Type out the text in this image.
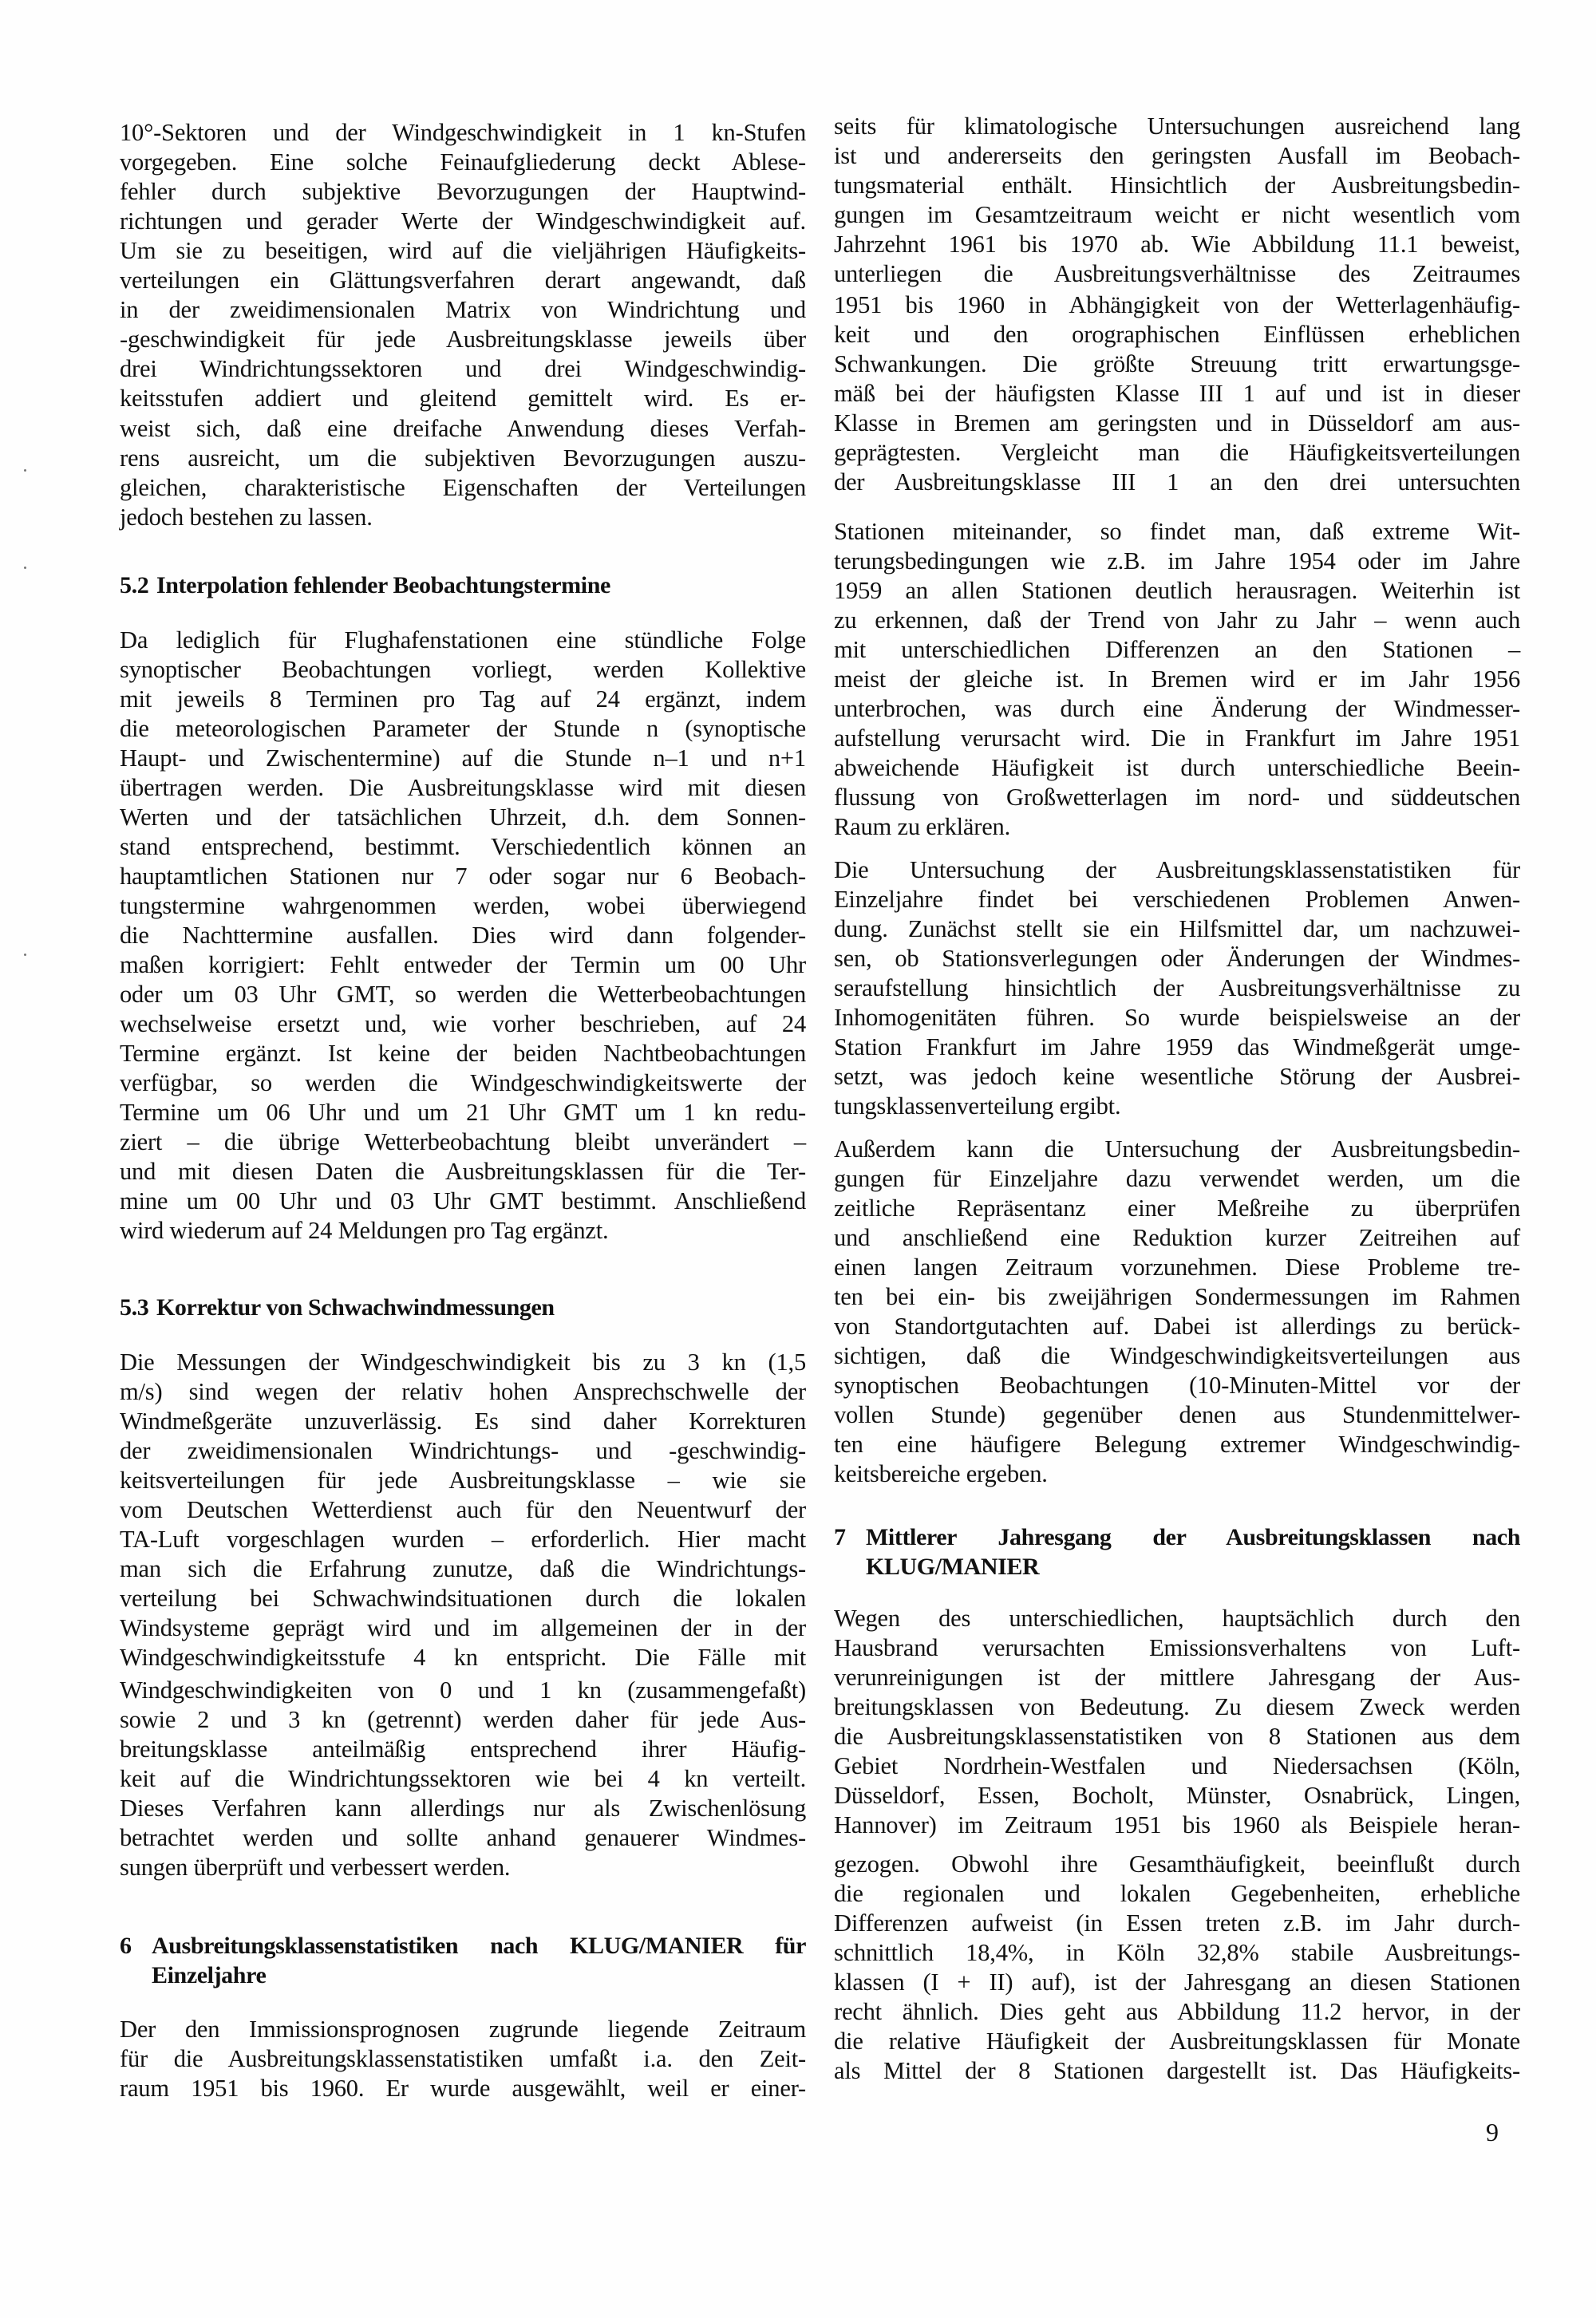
10°-Sektoren und der Windgeschwindigkeit in 1 kn-Stufen
vorgegeben. Eine solche Feinaufgliederung deckt Ablese-
fehler durch subjektive Bevorzugungen der Hauptwind-
richtungen und gerader Werte der Windgeschwindigkeit auf.
Um sie zu beseitigen, wird auf die vieljährigen Häufigkeits-
verteilungen ein Glättungsverfahren derart angewandt, daß
in der zweidimensionalen Matrix von Windrichtung und
-geschwindigkeit für jede Ausbreitungsklasse jeweils über
drei Windrichtungssektoren und drei Windgeschwindig-
keitsstufen addiert und gleitend gemittelt wird. Es er-
weist sich, daß eine dreifache Anwendung dieses Verfah-
rens ausreicht, um die subjektiven Bevorzugungen auszu-
gleichen, charakteristische Eigenschaften der Verteilungen
jedoch bestehen zu lassen.
5.2 Interpolation fehlender Beobachtungstermine
Da lediglich für Flughafenstationen eine stündliche Folge
synoptischer Beobachtungen vorliegt, werden Kollektive
mit jeweils 8 Terminen pro Tag auf 24 ergänzt, indem
die meteorologischen Parameter der Stunde n (synoptische
Haupt- und Zwischentermine) auf die Stunde n–1 und n+1
übertragen werden. Die Ausbreitungsklasse wird mit diesen
Werten und der tatsächlichen Uhrzeit, d.h. dem Sonnen-
stand entsprechend, bestimmt. Verschiedentlich können an
hauptamtlichen Stationen nur 7 oder sogar nur 6 Beobach-
tungstermine wahrgenommen werden, wobei überwiegend
die Nachttermine ausfallen. Dies wird dann folgender-
maßen korrigiert: Fehlt entweder der Termin um 00 Uhr
oder um 03 Uhr GMT, so werden die Wetterbeobachtungen
wechselweise ersetzt und, wie vorher beschrieben, auf 24
Termine ergänzt. Ist keine der beiden Nachtbeobachtungen
verfügbar, so werden die Windgeschwindigkeitswerte der
Termine um 06 Uhr und um 21 Uhr GMT um 1 kn redu-
ziert – die übrige Wetterbeobachtung bleibt unverändert –
und mit diesen Daten die Ausbreitungsklassen für die Ter-
mine um 00 Uhr und 03 Uhr GMT bestimmt. Anschließend
wird wiederum auf 24 Meldungen pro Tag ergänzt.
5.3 Korrektur von Schwachwindmessungen
Die Messungen der Windgeschwindigkeit bis zu 3 kn (1,5
m/s) sind wegen der relativ hohen Ansprechschwelle der
Windmeßgeräte unzuverlässig. Es sind daher Korrekturen
der zweidimensionalen Windrichtungs- und -geschwindig-
keitsverteilungen für jede Ausbreitungsklasse – wie sie
vom Deutschen Wetterdienst auch für den Neuentwurf der
TA-Luft vorgeschlagen wurden – erforderlich. Hier macht
man sich die Erfahrung zunutze, daß die Windrichtungs-
verteilung bei Schwachwindsituationen durch die lokalen
Windsysteme geprägt wird und im allgemeinen der in der
Windgeschwindigkeitsstufe 4 kn entspricht. Die Fälle mit
Windgeschwindigkeiten von 0 und 1 kn (zusammengefaßt)
sowie 2 und 3 kn (getrennt) werden daher für jede Aus-
breitungsklasse anteilmäßig entsprechend ihrer Häufig-
keit auf die Windrichtungssektoren wie bei 4 kn verteilt.
Dieses Verfahren kann allerdings nur als Zwischenlösung
betrachtet werden und sollte anhand genauerer Windmes-
sungen überprüft und verbessert werden.
6 Ausbreitungsklassenstatistiken nach KLUG/MANIER für
Einzeljahre
Der den Immissionsprognosen zugrunde liegende Zeitraum
für die Ausbreitungsklassenstatistiken umfaßt i.a. den Zeit-
raum 1951 bis 1960. Er wurde ausgewählt, weil er einer-
seits für klimatologische Untersuchungen ausreichend lang
ist und andererseits den geringsten Ausfall im Beobach-
tungsmaterial enthält. Hinsichtlich der Ausbreitungsbedin-
gungen im Gesamtzeitraum weicht er nicht wesentlich vom
Jahrzehnt 1961 bis 1970 ab. Wie Abbildung 11.1 beweist,
unterliegen die Ausbreitungsverhältnisse des Zeitraumes
1951 bis 1960 in Abhängigkeit von der Wetterlagenhäufig-
keit und den orographischen Einflüssen erheblichen
Schwankungen. Die größte Streuung tritt erwartungsge-
mäß bei der häufigsten Klasse III 1 auf und ist in dieser
Klasse in Bremen am geringsten und in Düsseldorf am aus-
geprägtesten. Vergleicht man die Häufigkeitsverteilungen
der Ausbreitungsklasse III 1 an den drei untersuchten
Stationen miteinander, so findet man, daß extreme Wit-
terungsbedingungen wie z.B. im Jahre 1954 oder im Jahre
1959 an allen Stationen deutlich herausragen. Weiterhin ist
zu erkennen, daß der Trend von Jahr zu Jahr – wenn auch
mit unterschiedlichen Differenzen an den Stationen –
meist der gleiche ist. In Bremen wird er im Jahr 1956
unterbrochen, was durch eine Änderung der Windmesser-
aufstellung verursacht wird. Die in Frankfurt im Jahre 1951
abweichende Häufigkeit ist durch unterschiedliche Beein-
flussung von Großwetterlagen im nord- und süddeutschen
Raum zu erklären.
Die Untersuchung der Ausbreitungsklassenstatistiken für
Einzeljahre findet bei verschiedenen Problemen Anwen-
dung. Zunächst stellt sie ein Hilfsmittel dar, um nachzuwei-
sen, ob Stationsverlegungen oder Änderungen der Windmes-
seraufstellung hinsichtlich der Ausbreitungsverhältnisse zu
Inhomogenitäten führen. So wurde beispielsweise an der
Station Frankfurt im Jahre 1959 das Windmeßgerät umge-
setzt, was jedoch keine wesentliche Störung der Ausbrei-
tungsklassenverteilung ergibt.
Außerdem kann die Untersuchung der Ausbreitungsbedin-
gungen für Einzeljahre dazu verwendet werden, um die
zeitliche Repräsentanz einer Meßreihe zu überprüfen
und anschließend eine Reduktion kurzer Zeitreihen auf
einen langen Zeitraum vorzunehmen. Diese Probleme tre-
ten bei ein- bis zweijährigen Sondermessungen im Rahmen
von Standortgutachten auf. Dabei ist allerdings zu berück-
sichtigen, daß die Windgeschwindigkeitsverteilungen aus
synoptischen Beobachtungen (10-Minuten-Mittel vor der
vollen Stunde) gegenüber denen aus Stundenmittelwer-
ten eine häufigere Belegung extremer Windgeschwindig-
keitsbereiche ergeben.
7 Mittlerer Jahresgang der Ausbreitungsklassen nach
KLUG/MANIER
Wegen des unterschiedlichen, hauptsächlich durch den
Hausbrand verursachten Emissionsverhaltens von Luft-
verunreinigungen ist der mittlere Jahresgang der Aus-
breitungsklassen von Bedeutung. Zu diesem Zweck werden
die Ausbreitungsklassenstatistiken von 8 Stationen aus dem
Gebiet Nordrhein-Westfalen und Niedersachsen (Köln,
Düsseldorf, Essen, Bocholt, Münster, Osnabrück, Lingen,
Hannover) im Zeitraum 1951 bis 1960 als Beispiele heran-
gezogen. Obwohl ihre Gesamthäufigkeit, beeinflußt durch
die regionalen und lokalen Gegebenheiten, erhebliche
Differenzen aufweist (in Essen treten z.B. im Jahr durch-
schnittlich 18,4%, in Köln 32,8% stabile Ausbreitungs-
klassen (I + II) auf), ist der Jahresgang an diesen Stationen
recht ähnlich. Dies geht aus Abbildung 11.2 hervor, in der
die relative Häufigkeit der Ausbreitungsklassen für Monate
als Mittel der 8 Stationen dargestellt ist. Das Häufigkeits-
9
